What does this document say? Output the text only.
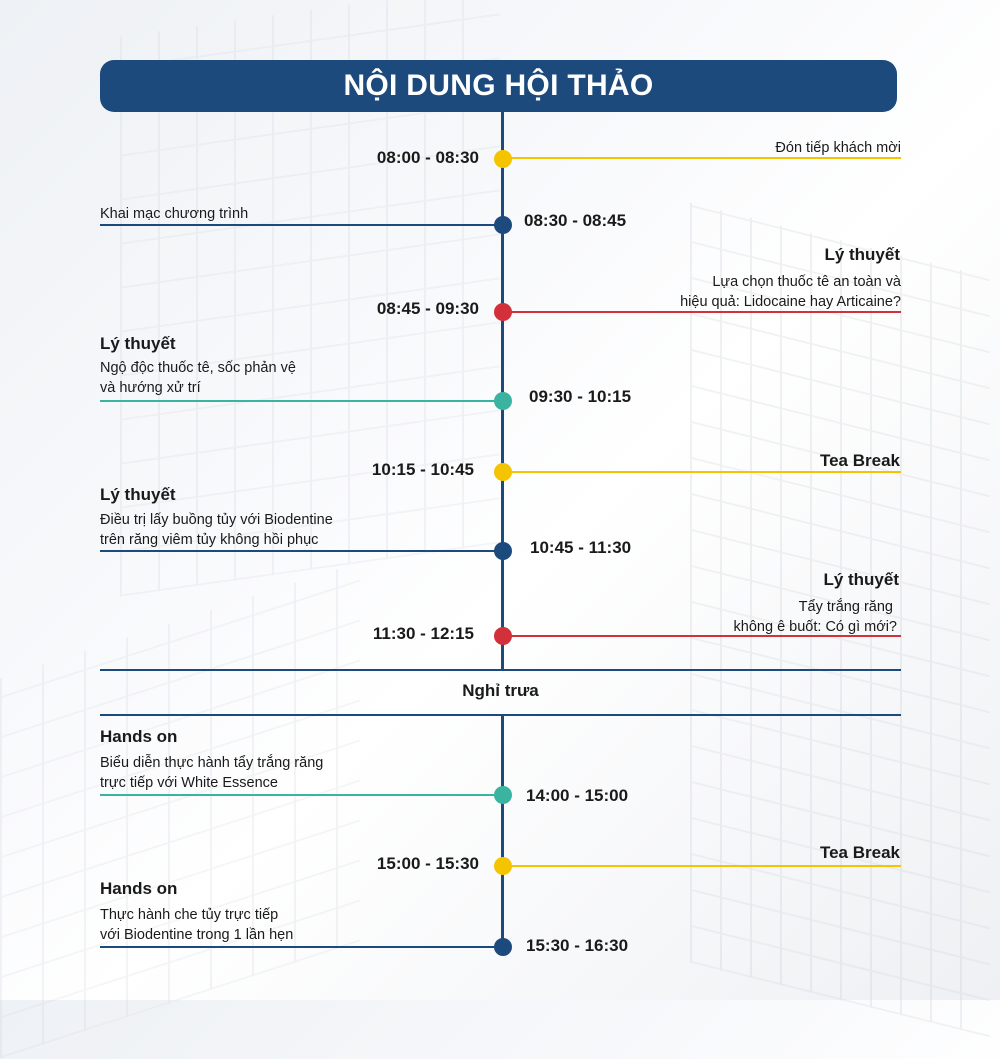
NỘI DUNG HỘI THẢO
Nghỉ trưa
08:00 - 08:30	Đón tiếp khách mời
08:30 - 08:45
Khai mạc chương trình
08:45 - 09:30
Lý thuyết
Lựa chọn thuốc tê an toàn và
hiệu quả: Lidocaine hay Articaine?
09:30 - 10:15
Lý thuyết
Ngộ độc thuốc tê, sốc phản vệ
và hướng xử trí
10:15 - 10:45	Tea Break
10:45 - 11:30
Lý thuyết
Điều trị lấy buồng tủy với Biodentine
trên răng viêm tủy không hồi phục
11:30 - 12:15
Lý thuyết
Tẩy trắng răng
không ê buốt: Có gì mới?
14:00 - 15:00
Hands on
Biểu diễn thực hành tẩy trắng răng
trực tiếp với White Essence
15:00 - 15:30
Tea Break
15:30 - 16:30
Hands on
Thực hành che tủy trực tiếp
với Biodentine trong 1 lần hẹn
